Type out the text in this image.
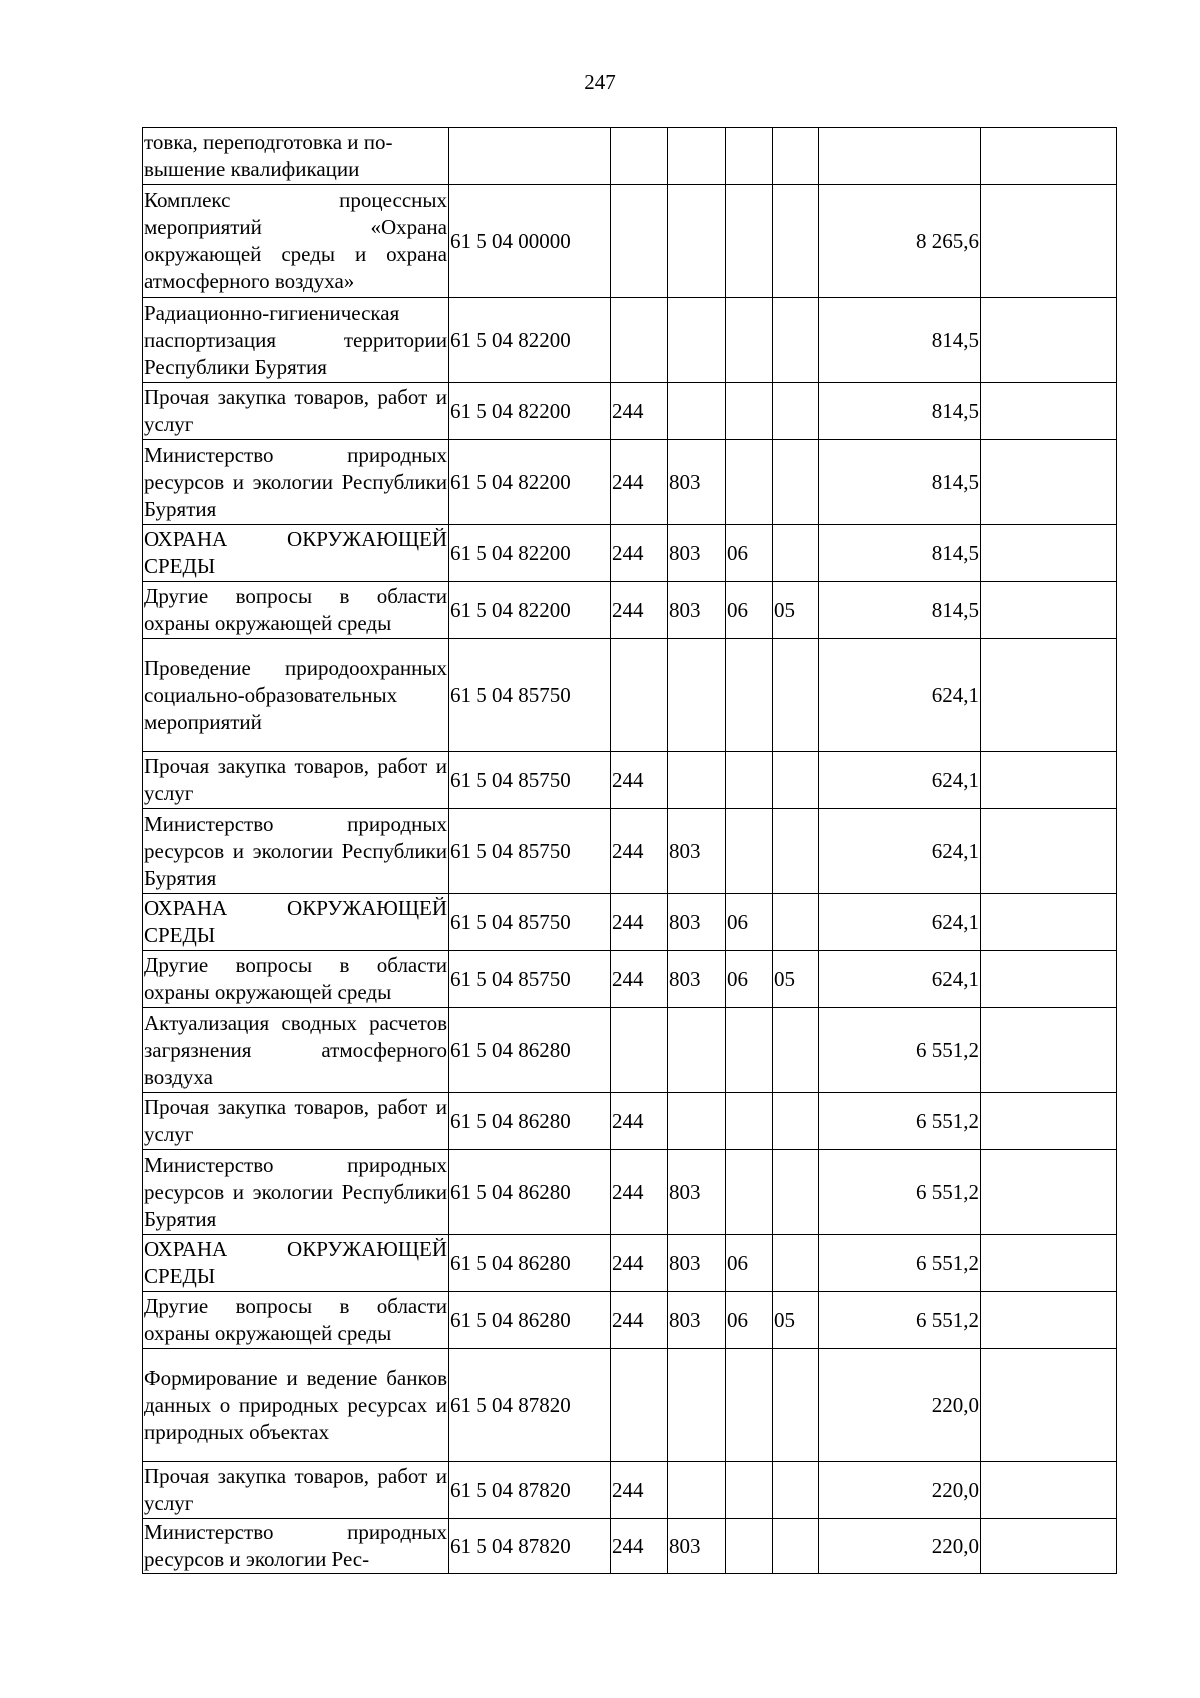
247
товка, переподготовка и по-
вышение квалификации							
Комплекс процессных мероприятий «Охрана окружающей среды и охрана атмосферного воздуха»	61 5 04 00000					8 265,6	
Радиационно-гигиеническая паспортизация территории Республики Бурятия	61 5 04 82200					814,5	
Прочая закупка товаров, работ и услуг	61 5 04 82200	244				814,5	
Министерство природных ресурсов и экологии Республики Бурятия	61 5 04 82200	244	803			814,5	
ОХРАНА ОКРУЖАЮЩЕЙ СРЕДЫ	61 5 04 82200	244	803	06		814,5	
Другие вопросы в области охраны окружающей среды	61 5 04 82200	244	803	06	05	814,5	
Проведение природоохранных социально-образовательных мероприятий	61 5 04 85750					624,1	
Прочая закупка товаров, работ и услуг	61 5 04 85750	244				624,1	
Министерство природных ресурсов и экологии Республики Бурятия	61 5 04 85750	244	803			624,1	
ОХРАНА ОКРУЖАЮЩЕЙ СРЕДЫ	61 5 04 85750	244	803	06		624,1	
Другие вопросы в области охраны окружающей среды	61 5 04 85750	244	803	06	05	624,1	
Актуализация сводных расчетов загрязнения атмосферного воздуха	61 5 04 86280					6 551,2	
Прочая закупка товаров, работ и услуг	61 5 04 86280	244				6 551,2	
Министерство природных ресурсов и экологии Республики Бурятия	61 5 04 86280	244	803			6 551,2	
ОХРАНА ОКРУЖАЮЩЕЙ СРЕДЫ	61 5 04 86280	244	803	06		6 551,2	
Другие вопросы в области охраны окружающей среды	61 5 04 86280	244	803	06	05	6 551,2	
Формирование и ведение банков данных о природных ресурсах и природных объектах	61 5 04 87820					220,0	
Прочая закупка товаров, работ и услуг	61 5 04 87820	244				220,0	
Министерство природных ресурсов и экологии Рес-	61 5 04 87820	244	803			220,0	
